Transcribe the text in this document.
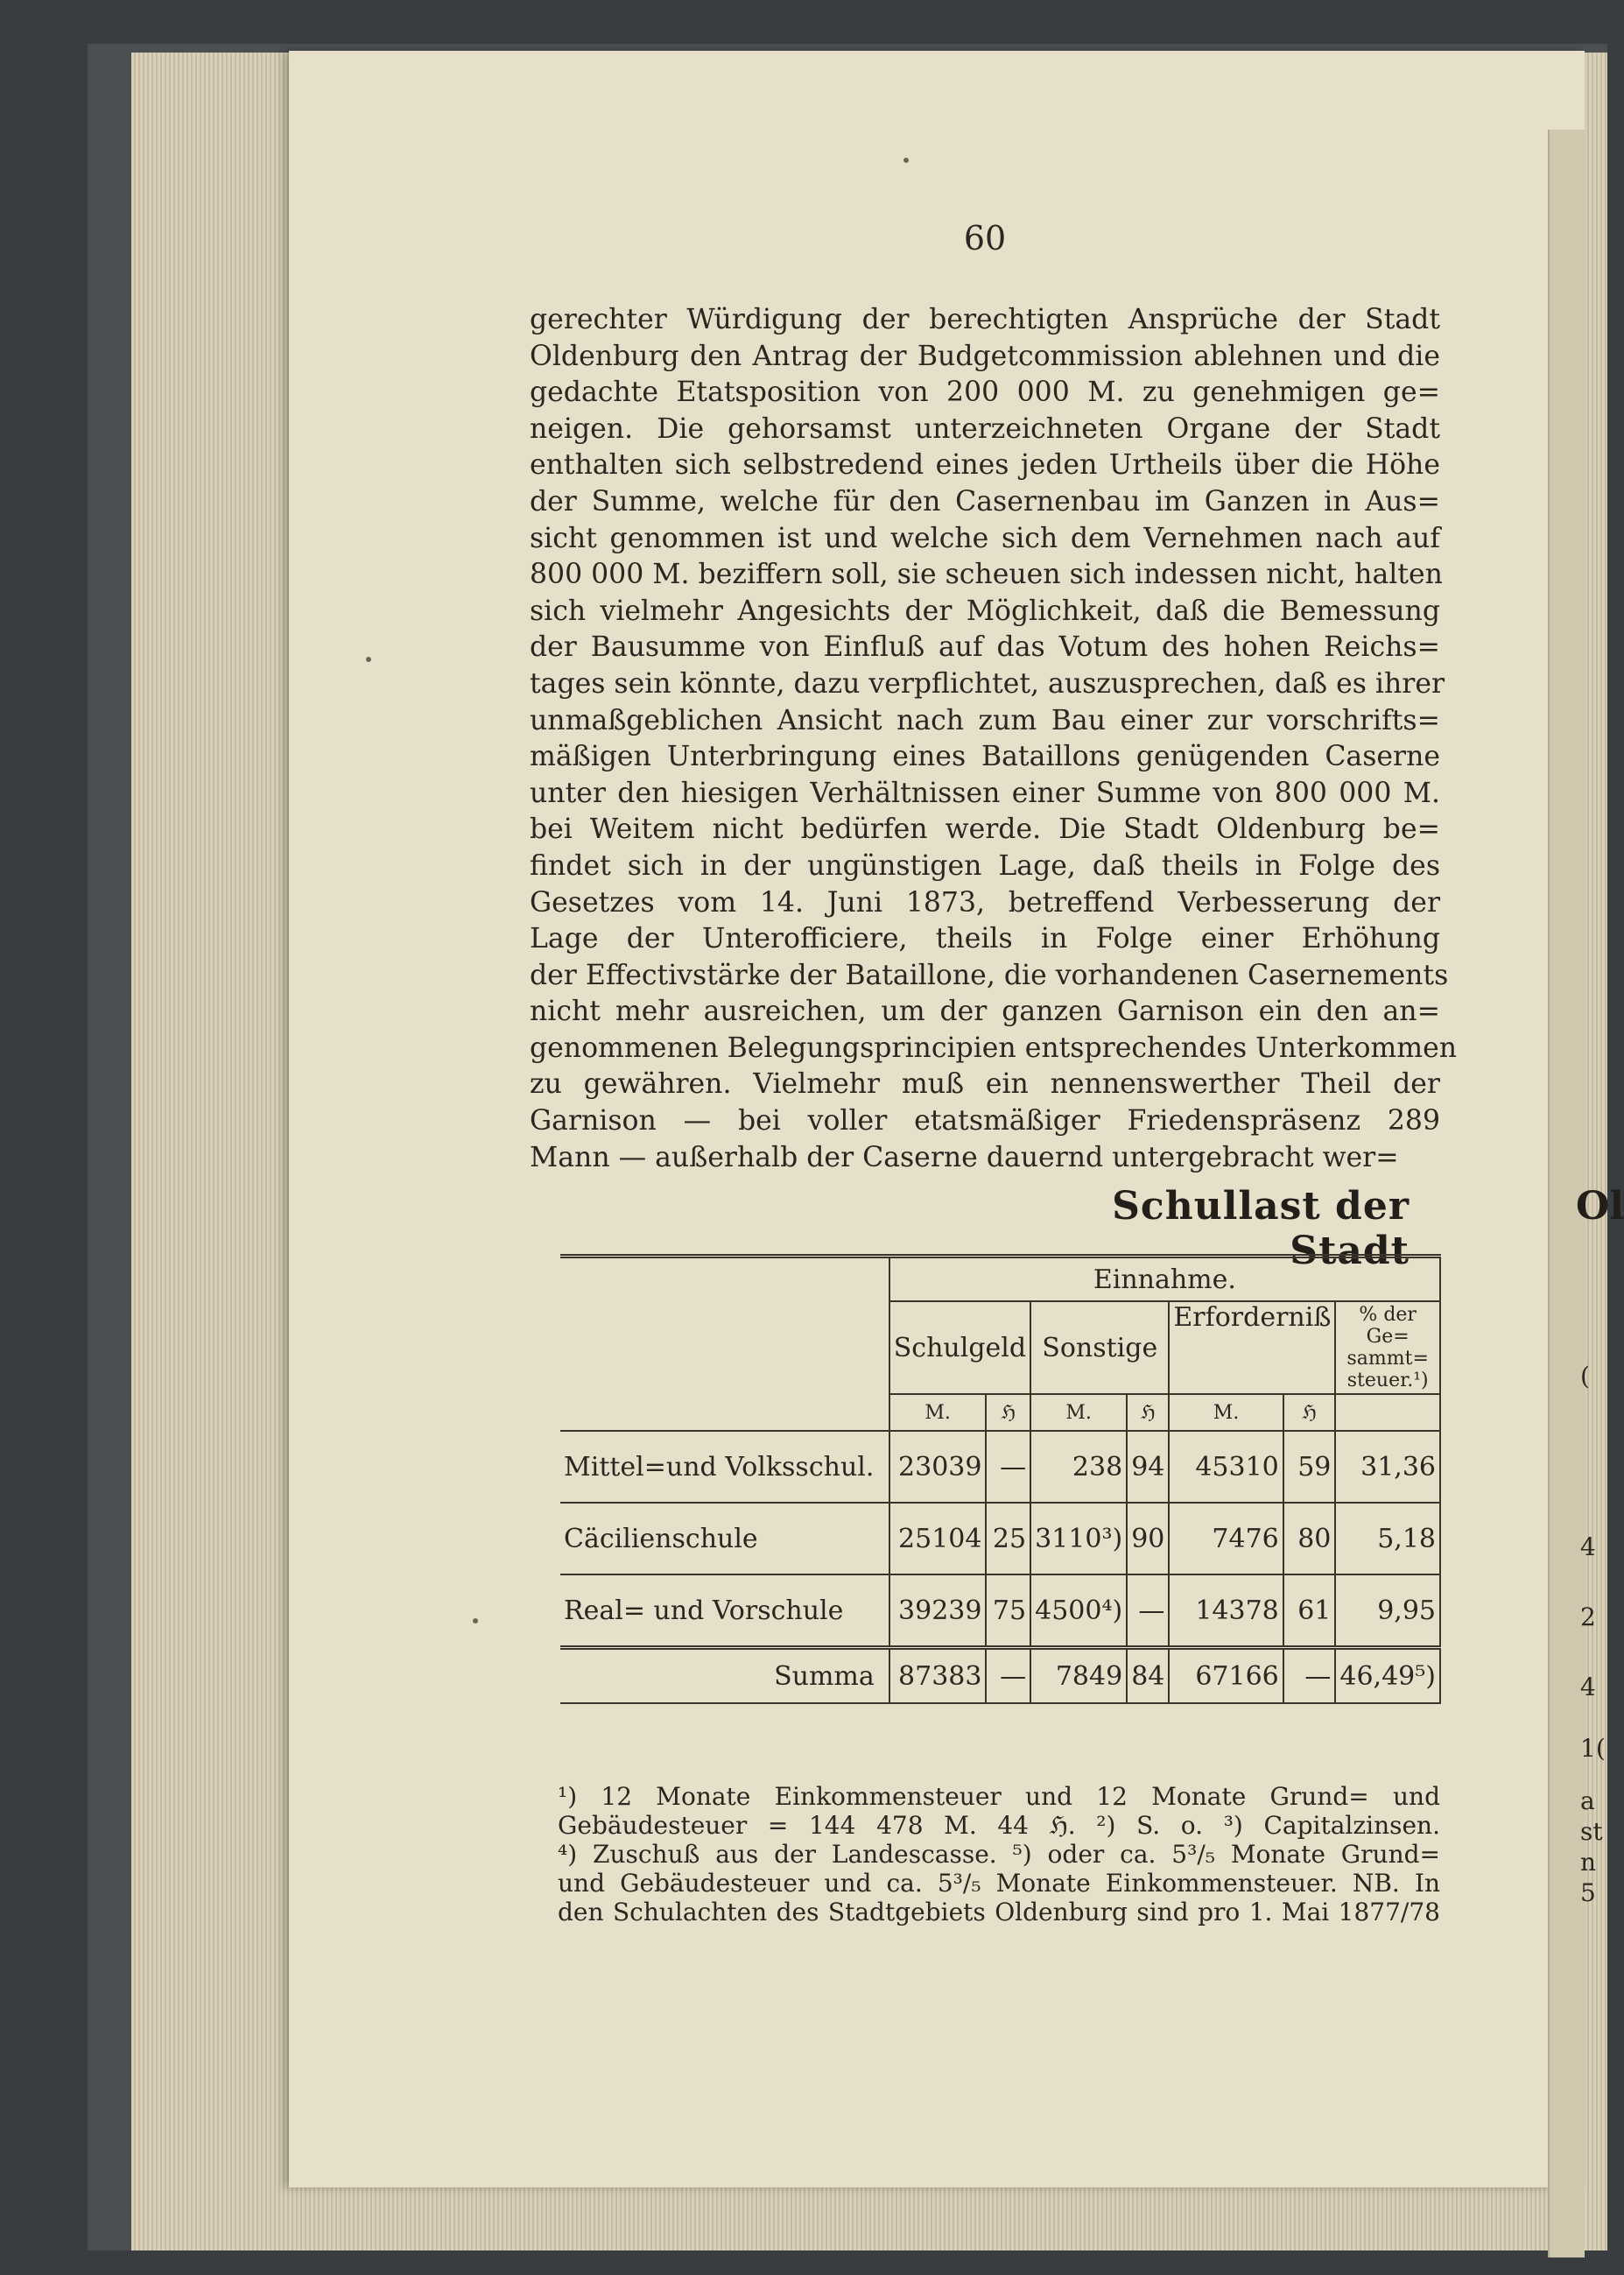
60
gerechter Würdigung der berechtigten Ansprüche der Stadt
Oldenburg den Antrag der Budgetcommission ablehnen und die
gedachte Etatsposition von 200 000 M. zu genehmigen ge=
neigen. Die gehorsamst unterzeichneten Organe der Stadt
enthalten sich selbstredend eines jeden Urtheils über die Höhe
der Summe, welche für den Casernenbau im Ganzen in Aus=
sicht genommen ist und welche sich dem Vernehmen nach auf
800 000 M. beziffern soll, sie scheuen sich indessen nicht, halten
sich vielmehr Angesichts der Möglichkeit, daß die Bemessung
der Bausumme von Einfluß auf das Votum des hohen Reichs=
tages sein könnte, dazu verpflichtet, auszusprechen, daß es ihrer
unmaßgeblichen Ansicht nach zum Bau einer zur vorschrifts=
mäßigen Unterbringung eines Bataillons genügenden Caserne
unter den hiesigen Verhältnissen einer Summe von 800 000 M.
bei Weitem nicht bedürfen werde. Die Stadt Oldenburg be=
findet sich in der ungünstigen Lage, daß theils in Folge des
Gesetzes vom 14. Juni 1873, betreffend Verbesserung der
Lage der Unterofficiere, theils in Folge einer Erhöhung
der Effectivstärke der Bataillone, die vorhandenen Casernements
nicht mehr ausreichen, um der ganzen Garnison ein den an=
genommenen Belegungsprincipien entsprechendes Unterkommen
zu gewähren. Vielmehr muß ein nennenswerther Theil der
Garnison — bei voller etatsmäßiger Friedenspräsenz 289
Mann — außerhalb der Caserne dauernd untergebracht wer=
Schullast der Stadt
Ol
	Einnahme.						
	Schulgeld		Sonstige		Erforderniß		% der Ge= sammt= steuer.¹)
	M.	ℌ	M.	ℌ	M.	ℌ	
Mittel=und Volksschul.	23039	—	238	94	45310	59	31,36
Cäcilienschule	25104	25	3110³)	90	7476	80	5,18
Real= und Vorschule	39239	75	4500⁴)	—	14378	61	9,95
Summa	87383	—	7849	84	67166	—	46,49⁵)
¹) 12 Monate Einkommensteuer und 12 Monate Grund= und
Gebäudesteuer = 144 478 M. 44 ℌ. ²) S. o. ³) Capitalzinsen.
⁴) Zuschuß aus der Landescasse. ⁵) oder ca. 5³/₅ Monate Grund=
und Gebäudesteuer und ca. 5³/₅ Monate Einkommensteuer. NB. In
den Schulachten des Stadtgebiets Oldenburg sind pro 1. Mai 1877/78
(
4
2
4
1(
a
st
n
5
